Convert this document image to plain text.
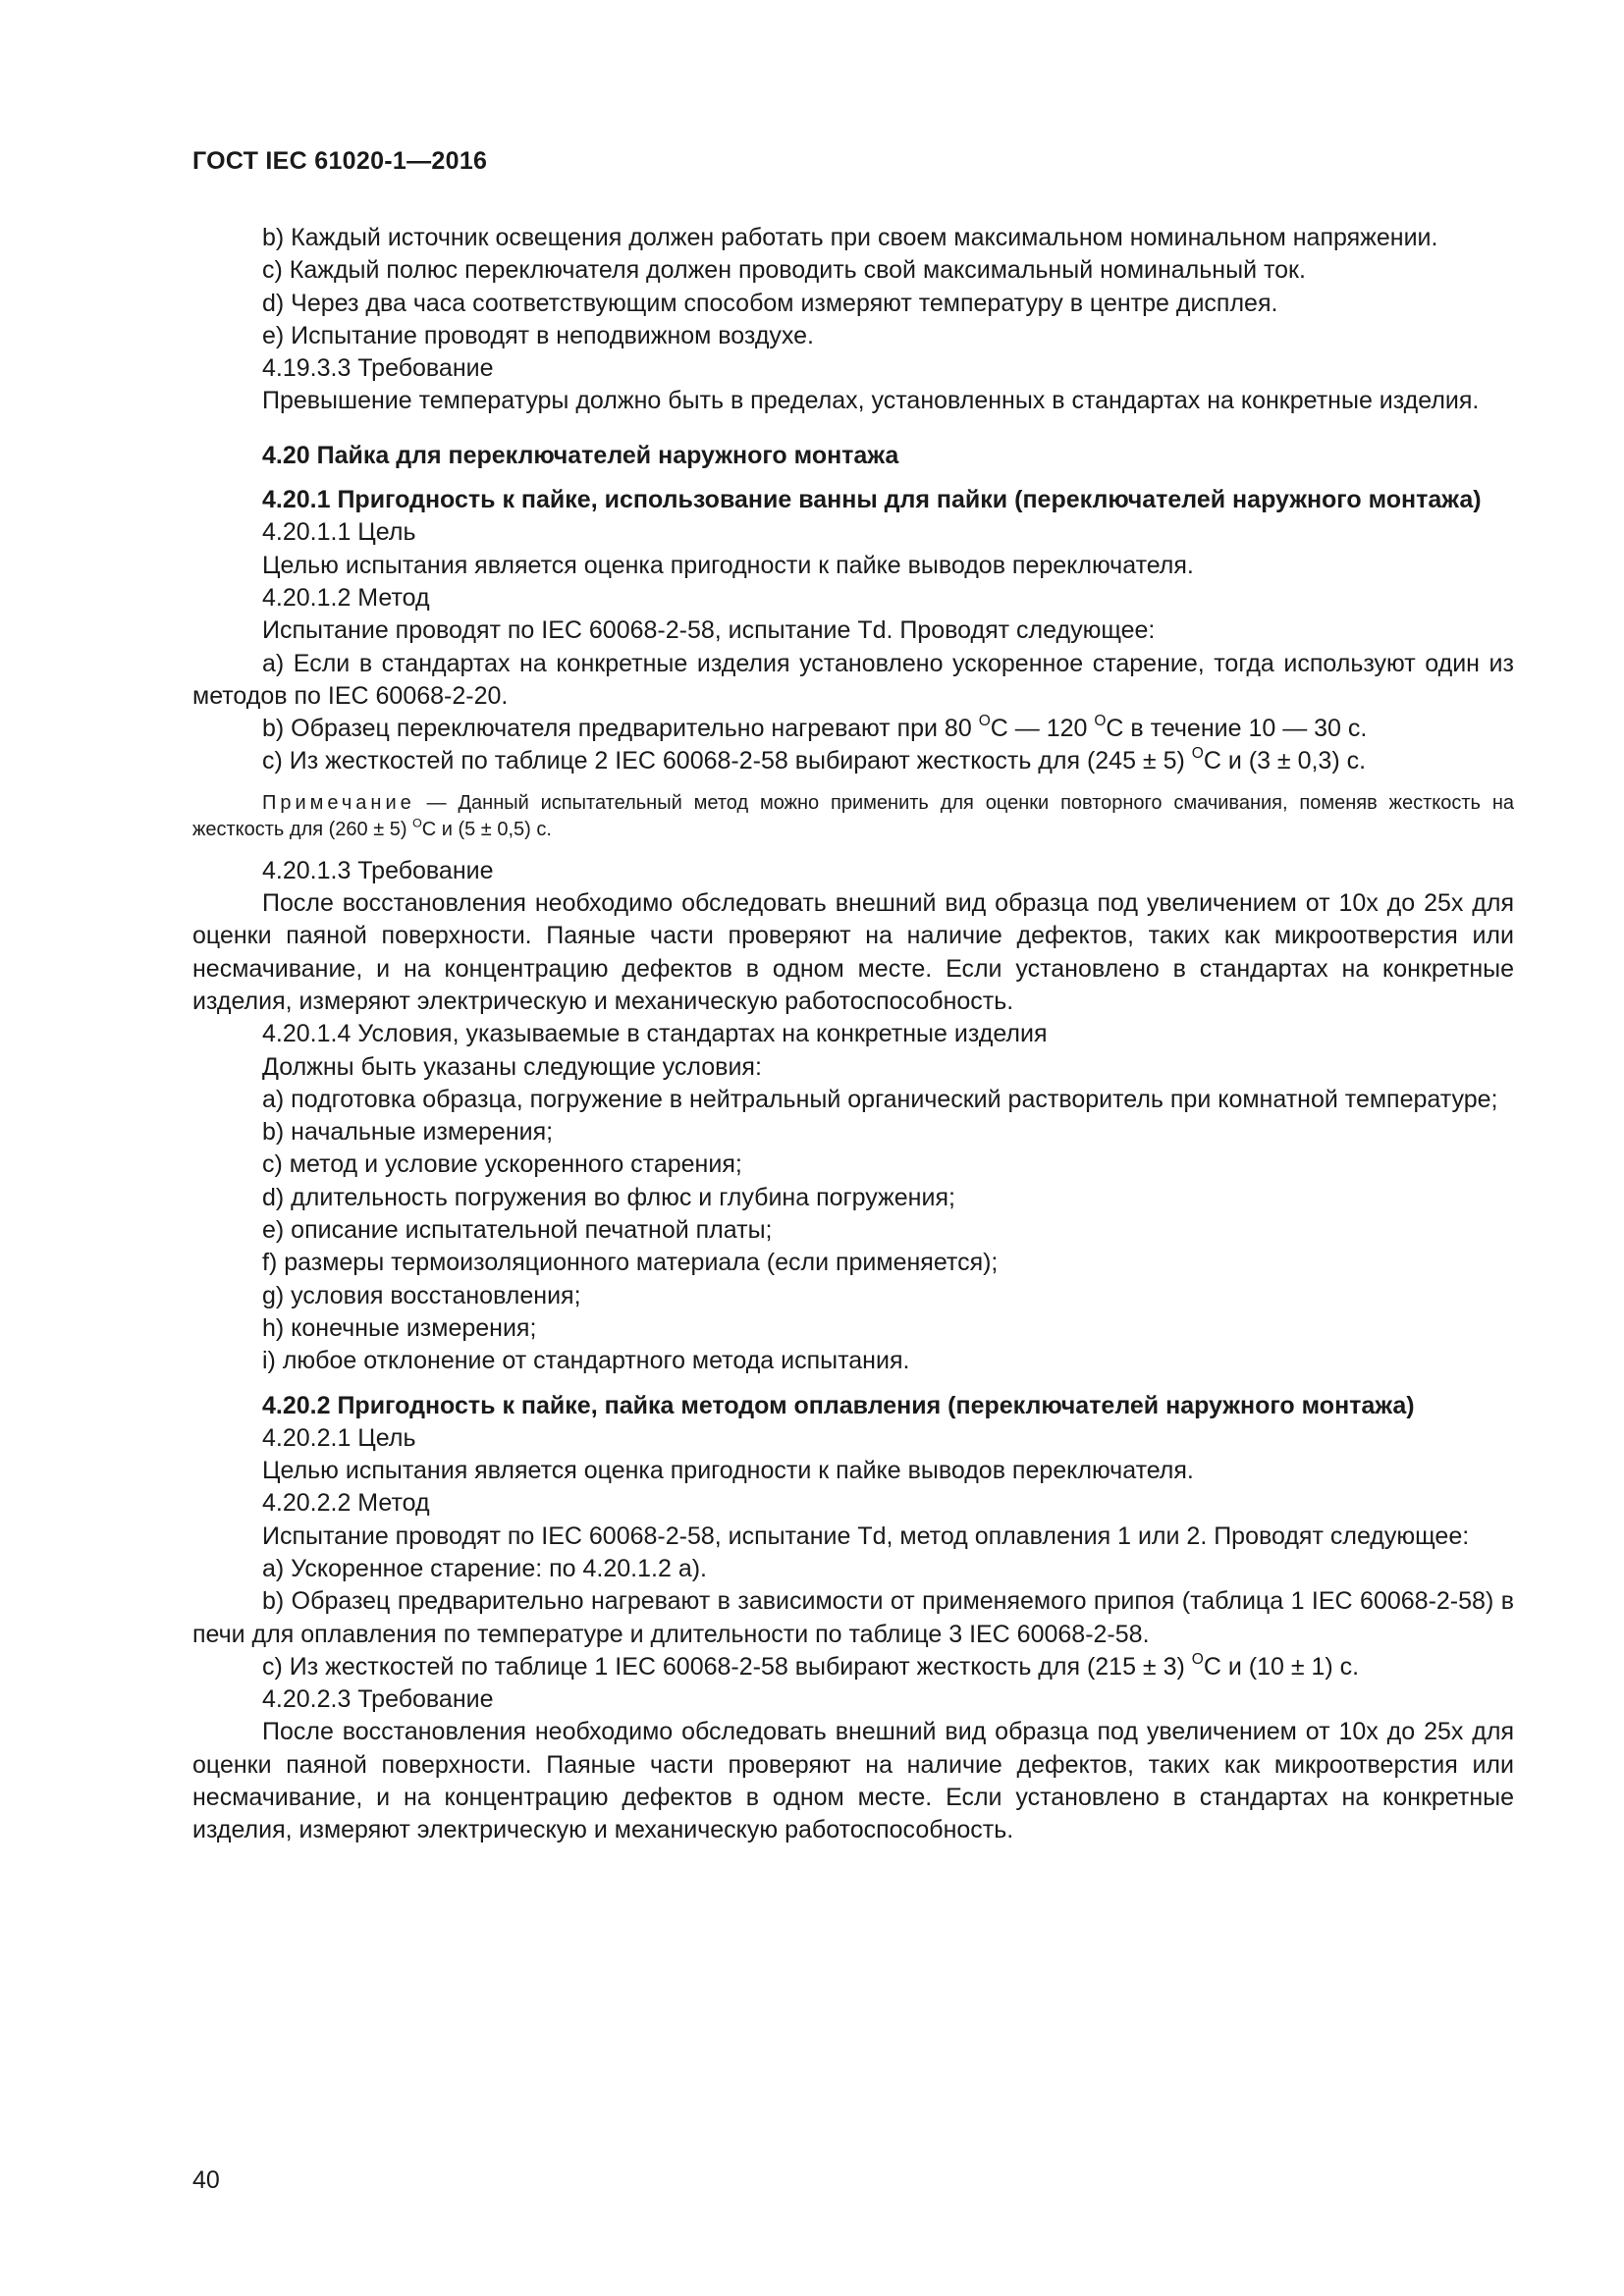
ГОСТ IEC 61020-1—2016

b) Каждый источник освещения должен работать при своем максимальном номинальном напряжении.

c) Каждый полюс переключателя должен проводить свой максимальный номинальный ток.

d) Через два часа соответствующим способом измеряют температуру в центре дисплея.

e) Испытание проводят в неподвижном воздухе.

4.19.3.3 Требование

Превышение температуры должно быть в пределах, установленных в стандартах на конкретные изделия.

4.20 Пайка для переключателей наружного монтажа

4.20.1 Пригодность к пайке, использование ванны для пайки (переключателей наружного монтажа)

4.20.1.1 Цель

Целью испытания является оценка пригодности к пайке выводов переключателя.

4.20.1.2 Метод

Испытание проводят по IEC 60068-2-58, испытание Td. Проводят следующее:

a) Если в стандартах на конкретные изделия установлено ускоренное старение, тогда используют один из методов по IEC 60068-2-20.

b) Образец переключателя предварительно нагревают при 80 $^O$C — 120 $^O$C в течение 10 — 30 с.

c) Из жесткостей по таблице 2 IEC 60068-2-58 выбирают жесткость для (245 ± 5) $^O$C и (3 ± 0,3) с.

Примечание — Данный испытательный метод можно применить для оценки повторного смачивания, поменяв жесткость на жесткость для (260 ± 5) $^O$C и (5 ± 0,5) с.

4.20.1.3 Требование

После восстановления необходимо обследовать внешний вид образца под увеличением от 10х до 25х для оценки паяной поверхности. Паяные части проверяют на наличие дефектов, таких как микроотверстия или несмачивание, и на концентрацию дефектов в одном месте. Если установлено в стандартах на конкретные изделия, измеряют электрическую и механическую работоспособность.

4.20.1.4 Условия, указываемые в стандартах на конкретные изделия

Должны быть указаны следующие условия:

a) подготовка образца, погружение в нейтральный органический растворитель при комнатной температуре;

b) начальные измерения;

c) метод и условие ускоренного старения;

d) длительность погружения во флюс и глубина погружения;

e) описание испытательной печатной платы;

f) размеры термоизоляционного материала (если применяется);

g) условия восстановления;

h) конечные измерения;

i) любое отклонение от стандартного метода испытания.

4.20.2 Пригодность к пайке, пайка методом оплавления (переключателей наружного монтажа)

4.20.2.1 Цель

Целью испытания является оценка пригодности к пайке выводов переключателя.

4.20.2.2 Метод

Испытание проводят по IEC 60068-2-58, испытание Td, метод оплавления 1 или 2. Проводят следующее:

a) Ускоренное старение: по 4.20.1.2 a).

b) Образец предварительно нагревают в зависимости от применяемого припоя (таблица 1 IEC 60068-2-58) в печи для оплавления по температуре и длительности по таблице 3 IEC 60068-2-58.

c) Из жесткостей по таблице 1 IEC 60068-2-58 выбирают жесткость для (215 ± 3) $^O$C и (10 ± 1) с.

4.20.2.3 Требование

После восстановления необходимо обследовать внешний вид образца под увеличением от 10х до 25х для оценки паяной поверхности. Паяные части проверяют на наличие дефектов, таких как микроотверстия или несмачивание, и на концентрацию дефектов в одном месте. Если установлено в стандартах на конкретные изделия, измеряют электрическую и механическую работоспособность.

40
